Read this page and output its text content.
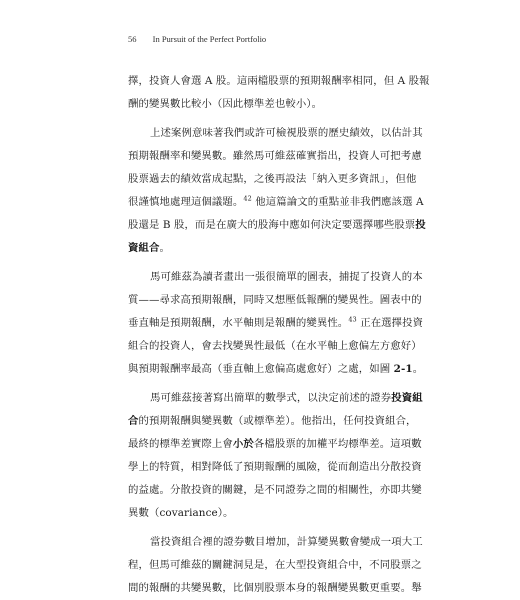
56 In Pursuit of the Perfect Portfolio
擇，投資人會選 A 股。這兩檔股票的預期報酬率相同，但 A 股報
酬的變異數比較小（因此標準差也較小）。
上述案例意味著我們或許可檢視股票的歷史績效，以估計其
預期報酬率和變異數。雖然馬可維茲確實指出，投資人可把考慮
股票過去的績效當成起點，之後再設法「納入更多資訊」，但他
很謹慎地處理這個議題。$^{42}$ 他這篇論文的重點並非我們應該選 A
股還是 B 股，而是在廣大的股海中應如何決定要選擇哪些股票投
資組合。
馬可維茲為讀者畫出一張很簡單的圖表，捕捉了投資人的本
質——尋求高預期報酬，同時又想壓低報酬的變異性。圖表中的
垂直軸是預期報酬，水平軸則是報酬的變異性。$^{43}$ 正在選擇投資
組合的投資人，會去找變異性最低（在水平軸上愈偏左方愈好）
與預期報酬率最高（垂直軸上愈偏高處愈好）之處，如圖 2-1。
馬可維茲接著寫出簡單的數學式，以決定前述的證券投資組
合的預期報酬與變異數（或標準差）。他指出，任何投資組合，
最終的標準差實際上會小於各檔股票的加權平均標準差。這項數
學上的特質，相對降低了預期報酬的風險，從而創造出分散投資
的益處。分散投資的關鍵，是不同證券之間的相關性，亦即共變
異數（covariance）。
當投資組合裡的證券數目增加，計算變異數會變成一項大工
程，但馬可維茲的關鍵洞見是，在大型投資組合中，不同股票之
間的報酬的共變異數，比個別股票本身的報酬變異數更重要。舉
